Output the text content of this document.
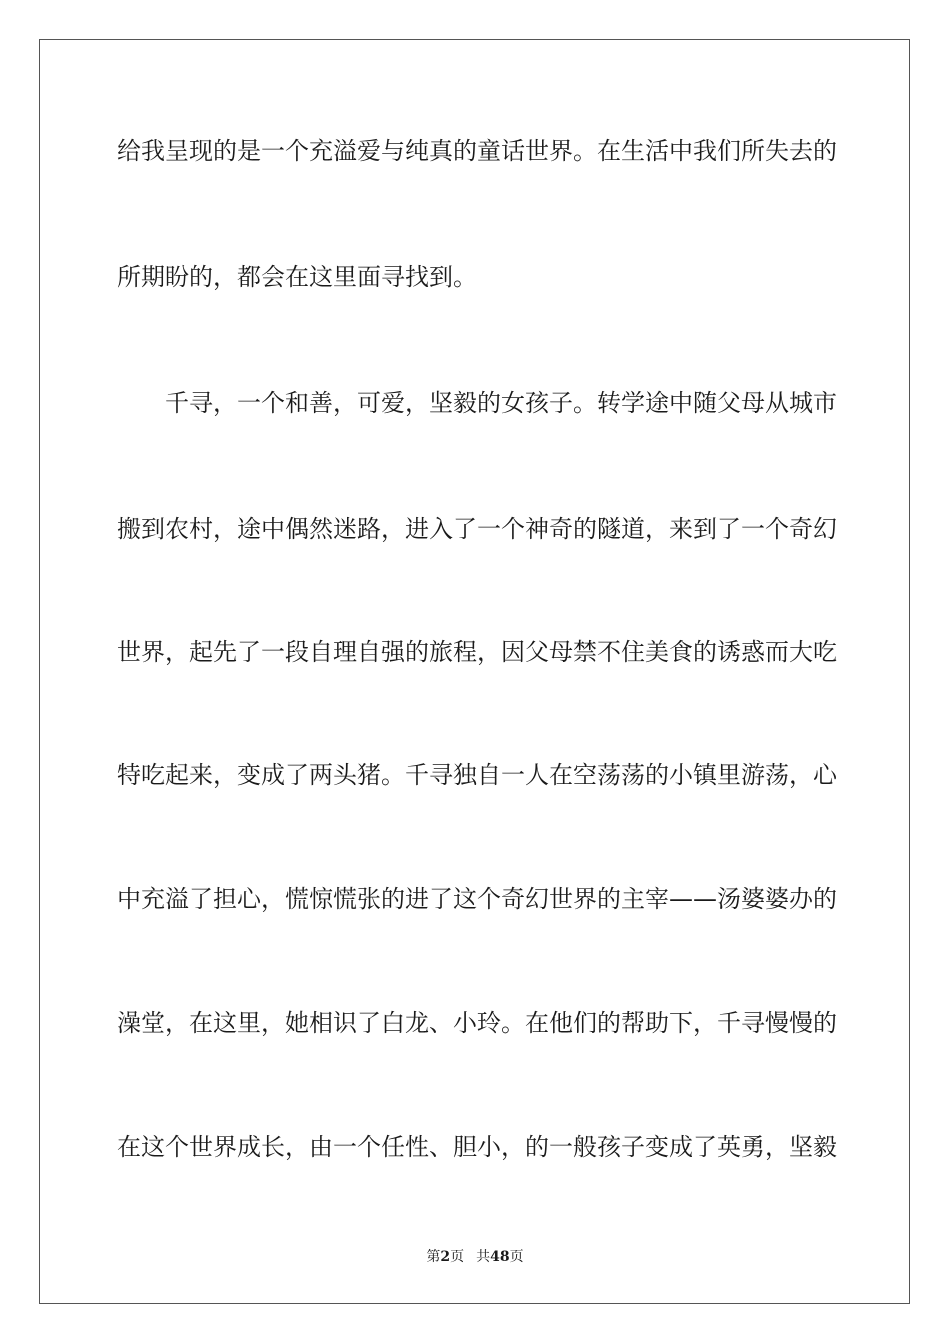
给我呈现的是一个充溢爱与纯真的童话世界。在生活中我们所失去的
所期盼的，都会在这里面寻找到。
千寻，一个和善，可爱，坚毅的女孩子。转学途中随父母从城市
搬到农村，途中偶然迷路，进入了一个神奇的隧道，来到了一个奇幻
世界，起先了一段自理自强的旅程，因父母禁不住美食的诱惑而大吃
特吃起来，变成了两头猪。千寻独自一人在空荡荡的小镇里游荡，心
中充溢了担心，慌惊慌张的进了这个奇幻世界的主宰——汤婆婆办的
澡堂，在这里，她相识了白龙、小玲。在他们的帮助下，千寻慢慢的
在这个世界成长，由一个任性、胆小，的一般孩子变成了英勇，坚毅
第2页 共48页
